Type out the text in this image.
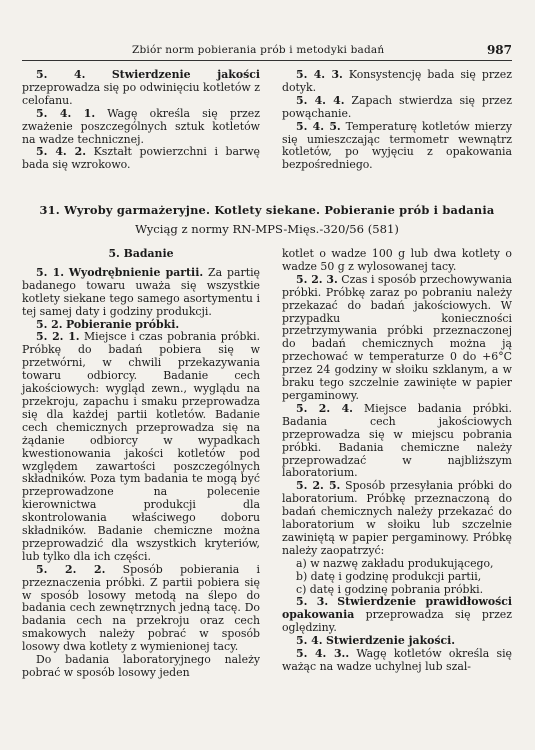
Zbiór norm pobierania prób i metodyki badań	987

5. 4. Stwierdzenie jakości przeprowadza się po odwinięciu kotletów z celofanu.

5. 4. 1. Wagę określa się przez zważenie poszczególnych sztuk kotletów na wadze technicznej.

5. 4. 2. Kształt powierzchni i barwę bada się wzrokowo.

5. 4. 3. Konsystencję bada się przez dotyk.

5. 4. 4. Zapach stwierdza się przez powąchanie.

5. 4. 5. Temperaturę kotletów mierzy się umieszczając termometr wewnątrz kotletów, po wyjęciu z opakowania bezpośredniego.

31. Wyroby garmażeryjne. Kotlety siekane. Pobieranie prób i badania
Wyciąg z normy RN-MPS-Mięs.-320/56 (581)

5. Badanie

5. 1. Wyodrębnienie partii. Za partię badanego towaru uważa się wszystkie kotlety siekane tego samego asortymentu i tej samej daty i godziny produkcji.

5. 2. Pobieranie próbki.

5. 2. 1. Miejsce i czas pobrania próbki. Próbkę do badań pobiera się w przetwórni, w chwili przekazywania towaru odbiorcy. Badanie cech jakościowych: wygląd zewn., wyglądu na przekroju, zapachu i smaku przeprowadza się dla każdej partii kotletów. Badanie cech chemicznych przeprowadza się na żądanie odbiorcy w wypadkach kwestionowania jakości kotletów pod względem zawartości poszczególnych składników. Poza tym badania te mogą być przeprowadzone na polecenie kierownictwa produkcji dla skontrolowania właściwego doboru składników. Badanie chemiczne można przeprowadzić dla wszystkich kryteriów, lub tylko dla ich części.

5. 2. 2. Sposób pobierania i przeznaczenia próbki. Z partii pobiera się w sposób losowy metodą na ślepo do badania cech zewnętrznych jedną tacę. Do badania cech na przekroju oraz cech smakowych należy pobrać w sposób losowy dwa kotlety z wymienionej tacy.

Do badania laboratoryjnego należy pobrać w sposób losowy jeden

kotlet o wadze 100 g lub dwa kotlety o wadze 50 g z wylosowanej tacy.

5. 2. 3. Czas i sposób przechowywania próbki. Próbkę zaraz po pobraniu należy przekazać do badań jakościowych. W przypadku konieczności przetrzymywania próbki przeznaczonej do badań chemicznych można ją przechować w temperaturze 0 do +6°C przez 24 godziny w słoiku szklanym, a w braku tego szczelnie zawinięte w papier pergaminowy.

5. 2. 4. Miejsce badania próbki. Badania cech jakościowych przeprowadza się w miejscu pobrania próbki. Badania chemiczne należy przeprowadzać w najbliższym laboratorium.

5. 2. 5. Sposób przesyłania próbki do laboratorium. Próbkę przeznaczoną do badań chemicznych należy przekazać do laboratorium w słoiku lub szczelnie zawiniętą w papier pergaminowy. Próbkę należy zaopatrzyć:

a) w nazwę zakładu produkującego,

b) datę i godzinę produkcji partii,

c) datę i godzinę pobrania próbki.

5. 3. Stwierdzenie prawidłowości opakowania przeprowadza się przez oględziny.

5. 4. Stwierdzenie jakości.

5. 4. 3.. Wagę kotletów określa się ważąc na wadze uchylnej lub szal-
